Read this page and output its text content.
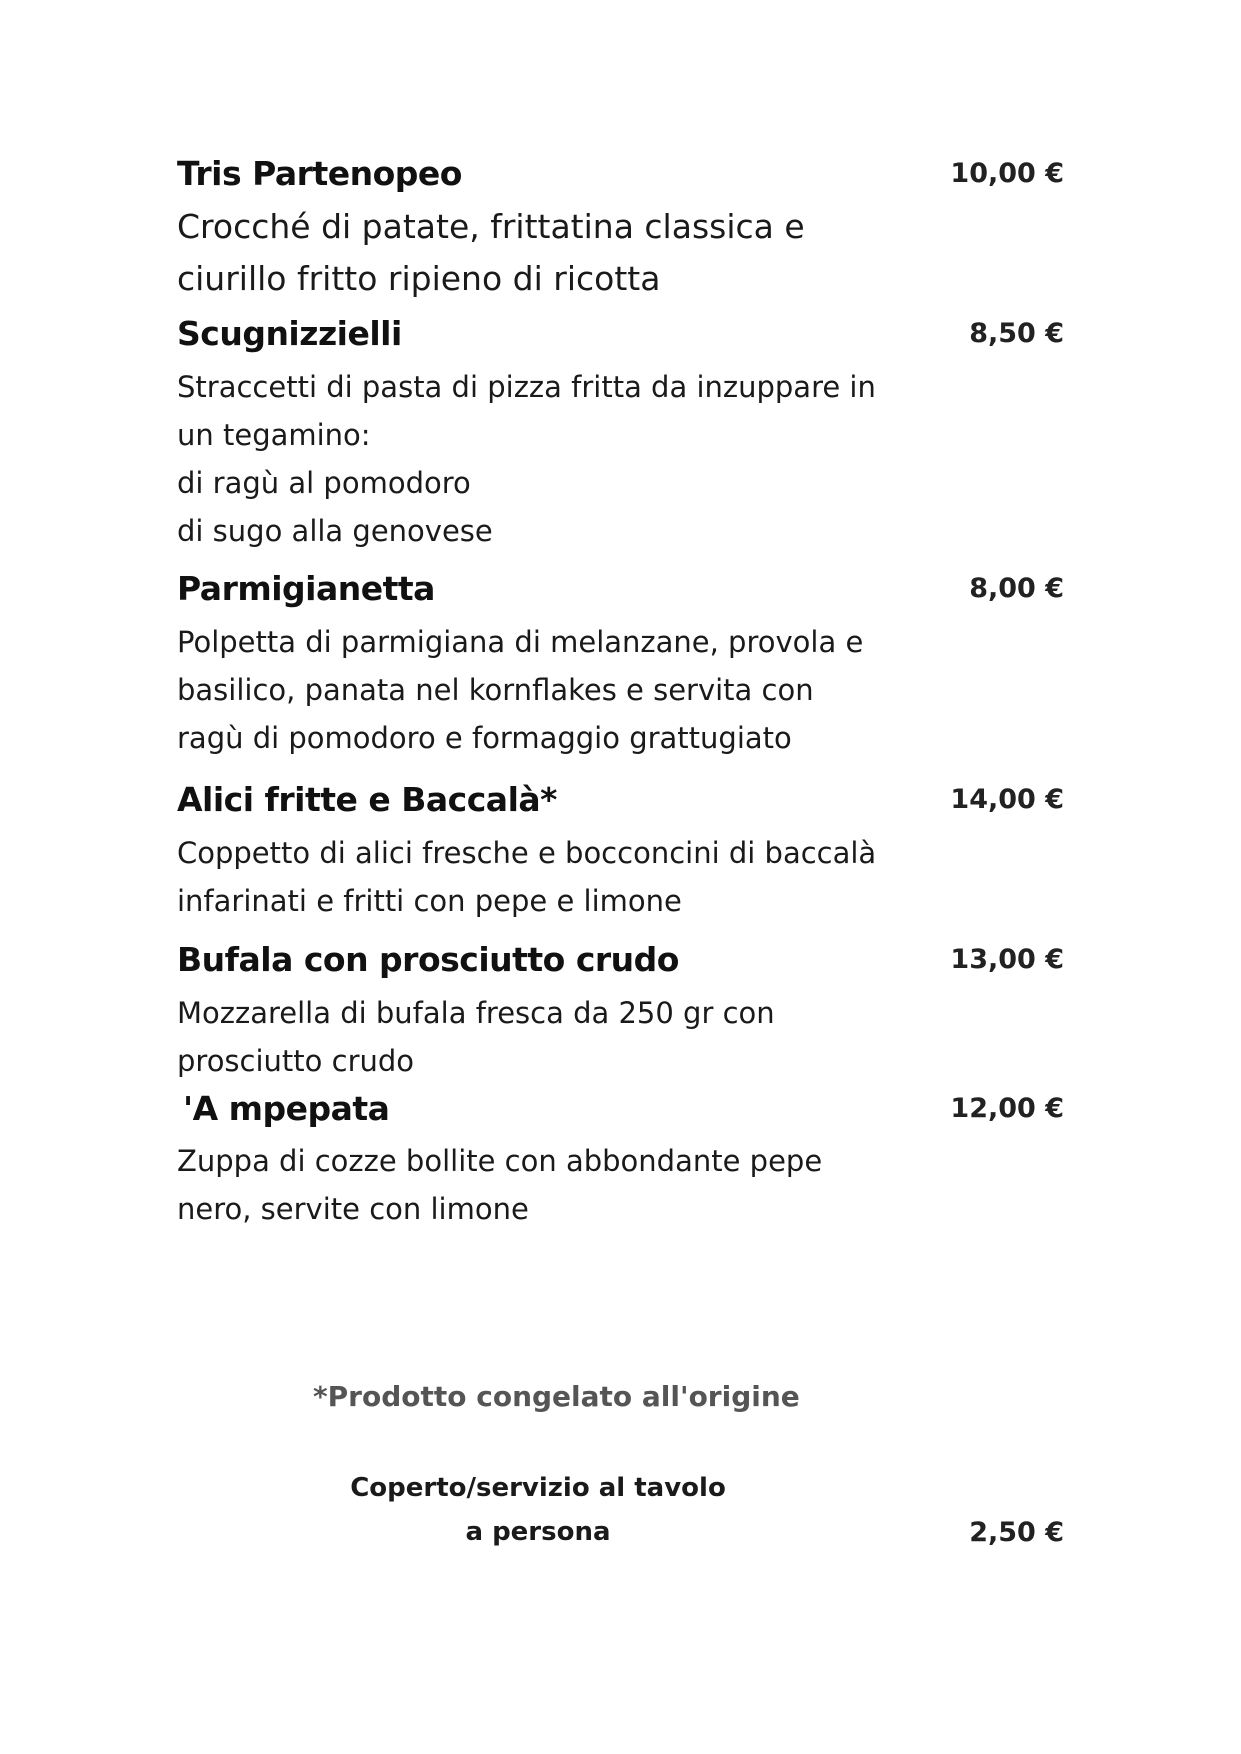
Tris Partenopeo	10,00 €
Crocché di patate, frittatina classica e
ciurillo fritto ripieno di ricotta
Scugnizzielli	8,50 €
Straccetti di pasta di pizza fritta da inzuppare in
un tegamino:
di ragù al pomodoro
di sugo alla genovese
Parmigianetta	8,00 €
Polpetta di parmigiana di melanzane, provola e
basilico, panata nel kornflakes e servita con
ragù di pomodoro e formaggio grattugiato
Alici fritte e Baccalà*	14,00 €
Coppetto di alici fresche e bocconcini di baccalà
infarinati e fritti con pepe e limone
Bufala con prosciutto crudo	13,00 €
Mozzarella di bufala fresca da 250 gr con
prosciutto crudo
'A mpepata	12,00 €
Zuppa di cozze bollite con abbondante pepe
nero, servite con limone
*Prodotto congelato all'origine
Coperto/servizio al tavolo
a persona	2,50 €
